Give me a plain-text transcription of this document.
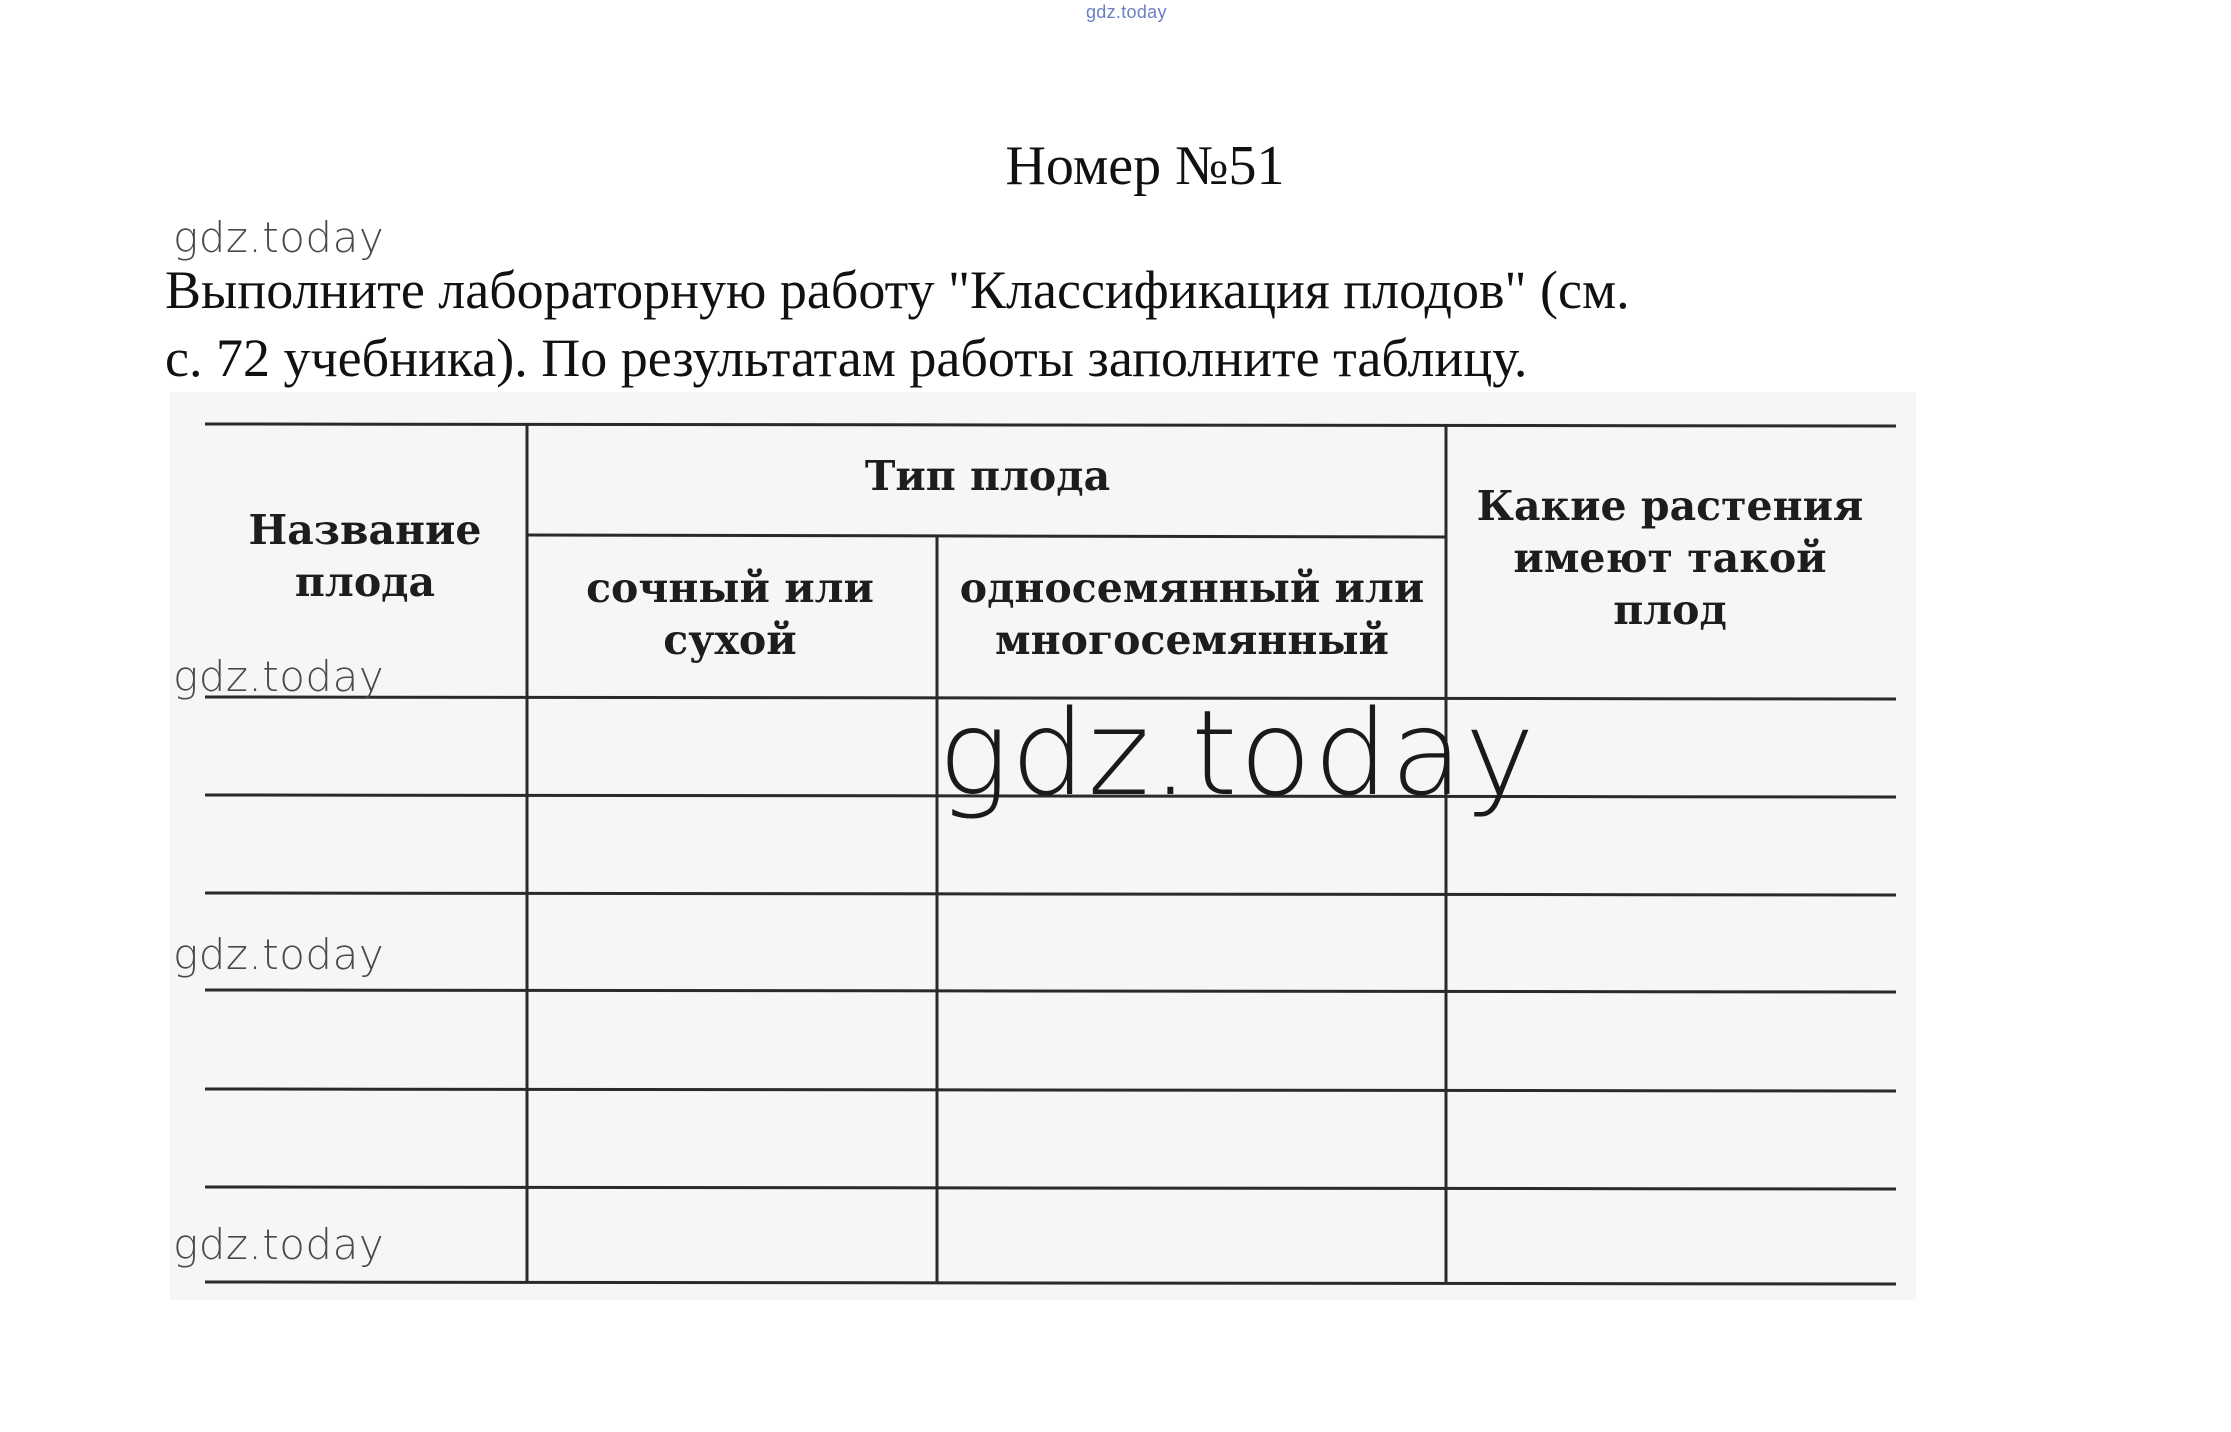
gdz.today
Номер №51
Выполните лабораторную работу "Классификация плодов" (см.
с. 72 учебника). По результатам работы заполните таблицу.
Название
плода
Тип плода
сочный или
сухой
односемянный или
многосемянный
Какие растения
имеют такой
плод
gdz.today
gdz.today
gdz.today
gdz.today
gdz.today
